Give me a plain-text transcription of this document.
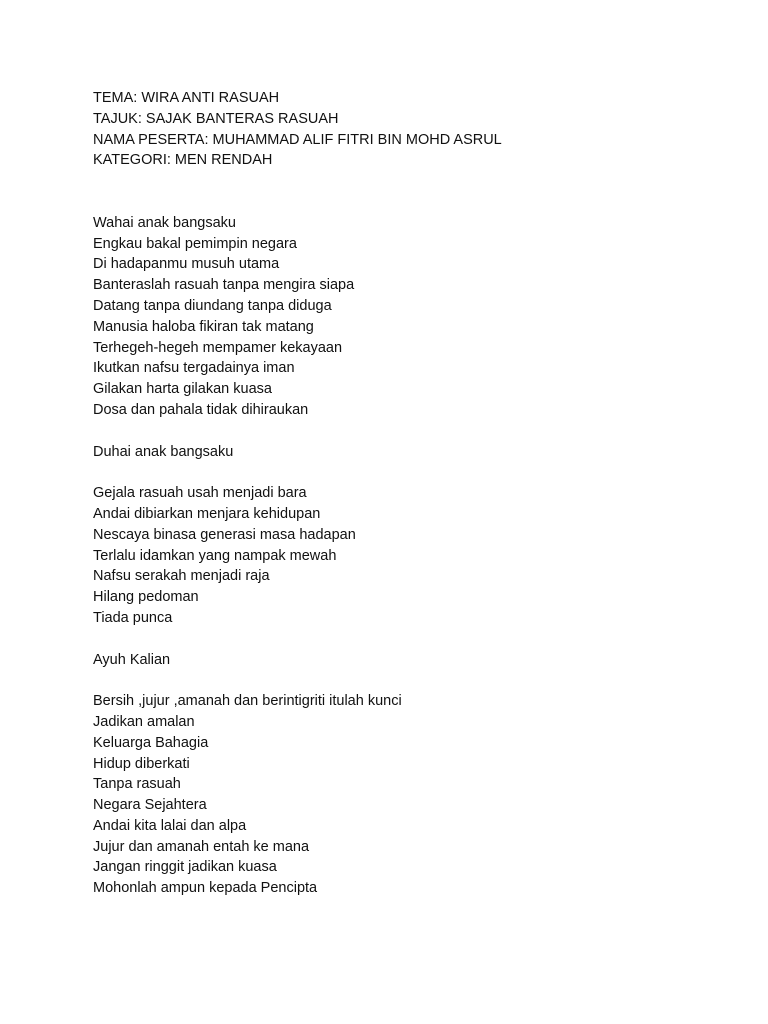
TEMA: WIRA ANTI RASUAH
TAJUK: SAJAK BANTERAS RASUAH
NAMA PESERTA: MUHAMMAD ALIF FITRI BIN MOHD ASRUL
KATEGORI: MEN RENDAH
Wahai anak bangsaku
Engkau bakal pemimpin negara
Di hadapanmu musuh utama
Banteraslah rasuah tanpa mengira siapa
Datang tanpa diundang tanpa diduga
Manusia haloba fikiran tak matang
Terhegeh-hegeh mempamer kekayaan
Ikutkan nafsu tergadainya iman
Gilakan harta gilakan kuasa
Dosa dan pahala tidak dihiraukan
Duhai anak bangsaku
Gejala rasuah usah menjadi bara
Andai dibiarkan menjara kehidupan
Nescaya binasa generasi masa hadapan
Terlalu idamkan yang nampak mewah
Nafsu serakah menjadi raja
Hilang pedoman
Tiada punca
Ayuh Kalian
Bersih ,jujur ,amanah dan berintigriti itulah kunci
Jadikan amalan
Keluarga Bahagia
Hidup diberkati
Tanpa rasuah
Negara Sejahtera
Andai kita lalai dan alpa
Jujur dan amanah entah ke mana
Jangan ringgit jadikan kuasa
Mohonlah ampun kepada Pencipta
